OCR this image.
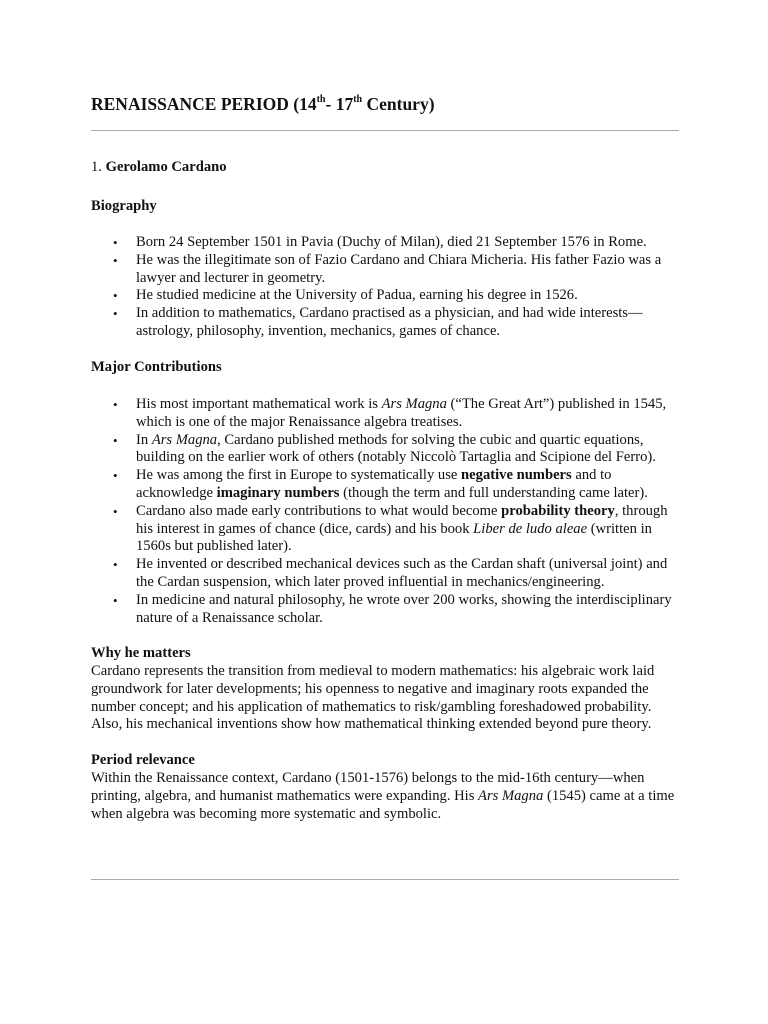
RENAISSANCE PERIOD (14th- 17th Century)

1. Gerolamo Cardano

Biography

• Born 24 September 1501 in Pavia (Duchy of Milan), died 21 September 1576 in Rome.
• He was the illegitimate son of Fazio Cardano and Chiara Micheria. His father Fazio was a lawyer and lecturer in geometry.
• He studied medicine at the University of Padua, earning his degree in 1526.
• In addition to mathematics, Cardano practised as a physician, and had wide interests—astrology, philosophy, invention, mechanics, games of chance.

Major Contributions

• His most important mathematical work is Ars Magna (“The Great Art”) published in 1545, which is one of the major Renaissance algebra treatises.
• In Ars Magna, Cardano published methods for solving the cubic and quartic equations, building on the earlier work of others (notably Niccolò Tartaglia and Scipione del Ferro).
• He was among the first in Europe to systematically use negative numbers and to acknowledge imaginary numbers (though the term and full understanding came later).
• Cardano also made early contributions to what would become probability theory, through his interest in games of chance (dice, cards) and his book Liber de ludo aleae (written in 1560s but published later).
• He invented or described mechanical devices such as the Cardan shaft (universal joint) and the Cardan suspension, which later proved influential in mechanics/engineering.
• In medicine and natural philosophy, he wrote over 200 works, showing the interdisciplinary nature of a Renaissance scholar.

Why he matters

Cardano represents the transition from medieval to modern mathematics: his algebraic work laid groundwork for later developments; his openness to negative and imaginary roots expanded the number concept; and his application of mathematics to risk/gambling foreshadowed probability. Also, his mechanical inventions show how mathematical thinking extended beyond pure theory.

Period relevance

Within the Renaissance context, Cardano (1501-1576) belongs to the mid-16th century—when printing, algebra, and humanist mathematics were expanding. His Ars Magna (1545) came at a time when algebra was becoming more systematic and symbolic.
